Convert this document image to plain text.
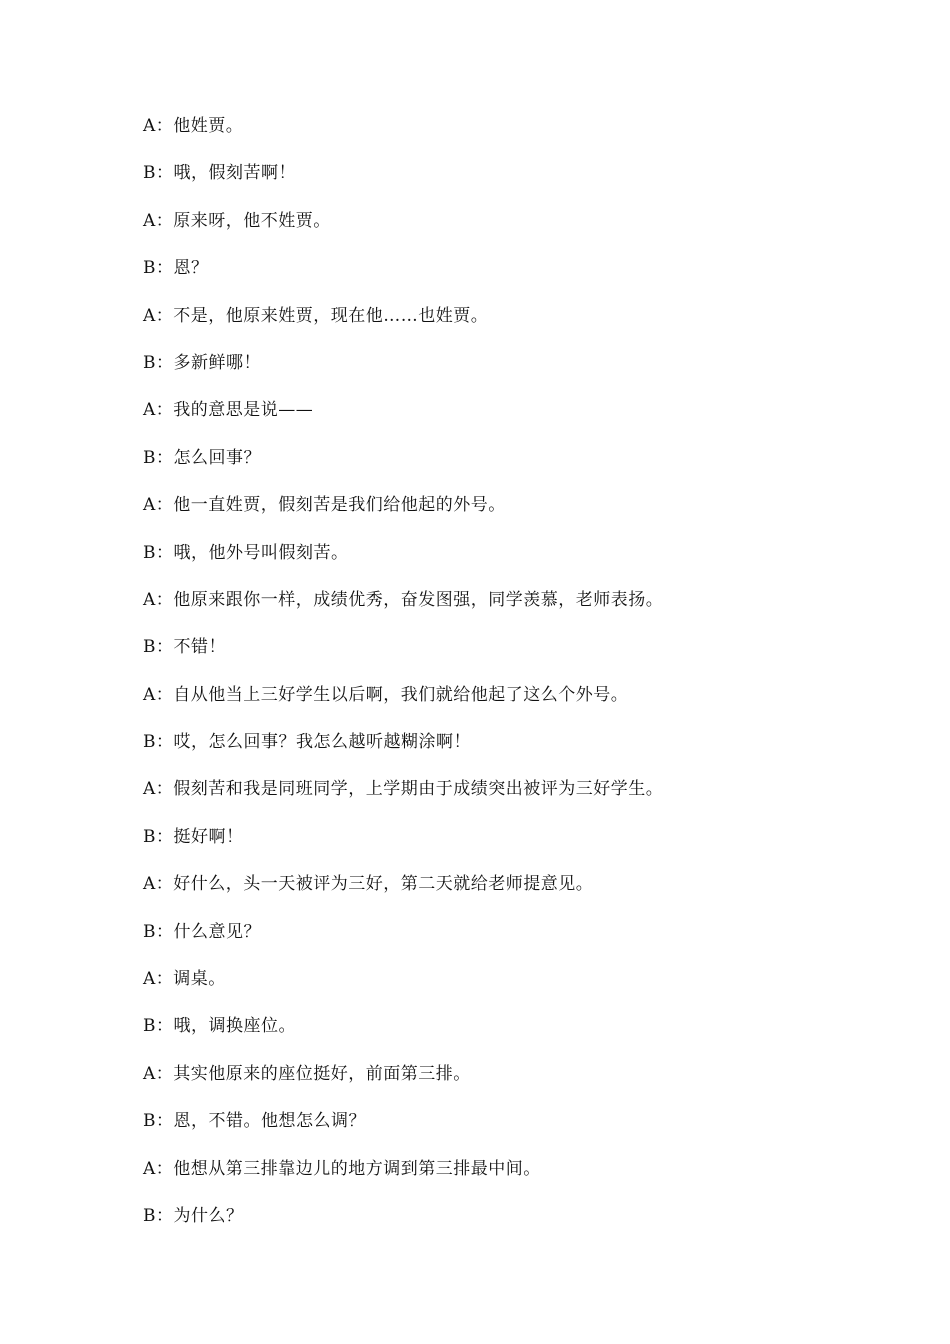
A：他姓贾。
B：哦，假刻苦啊！
A：原来呀，他不姓贾。
B：恩？
A：不是，他原来姓贾，现在他……也姓贾。
B：多新鲜哪！
A：我的意思是说——
B：怎么回事？
A：他一直姓贾，假刻苦是我们给他起的外号。
B：哦，他外号叫假刻苦。
A：他原来跟你一样，成绩优秀，奋发图强，同学羡慕，老师表扬。
B：不错！
A：自从他当上三好学生以后啊，我们就给他起了这么个外号。
B：哎，怎么回事？我怎么越听越糊涂啊！
A：假刻苦和我是同班同学，上学期由于成绩突出被评为三好学生。
B：挺好啊！
A：好什么，头一天被评为三好，第二天就给老师提意见。
B：什么意见？
A：调桌。
B：哦，调换座位。
A：其实他原来的座位挺好，前面第三排。
B：恩，不错。他想怎么调？
A：他想从第三排靠边儿的地方调到第三排最中间。
B：为什么？
